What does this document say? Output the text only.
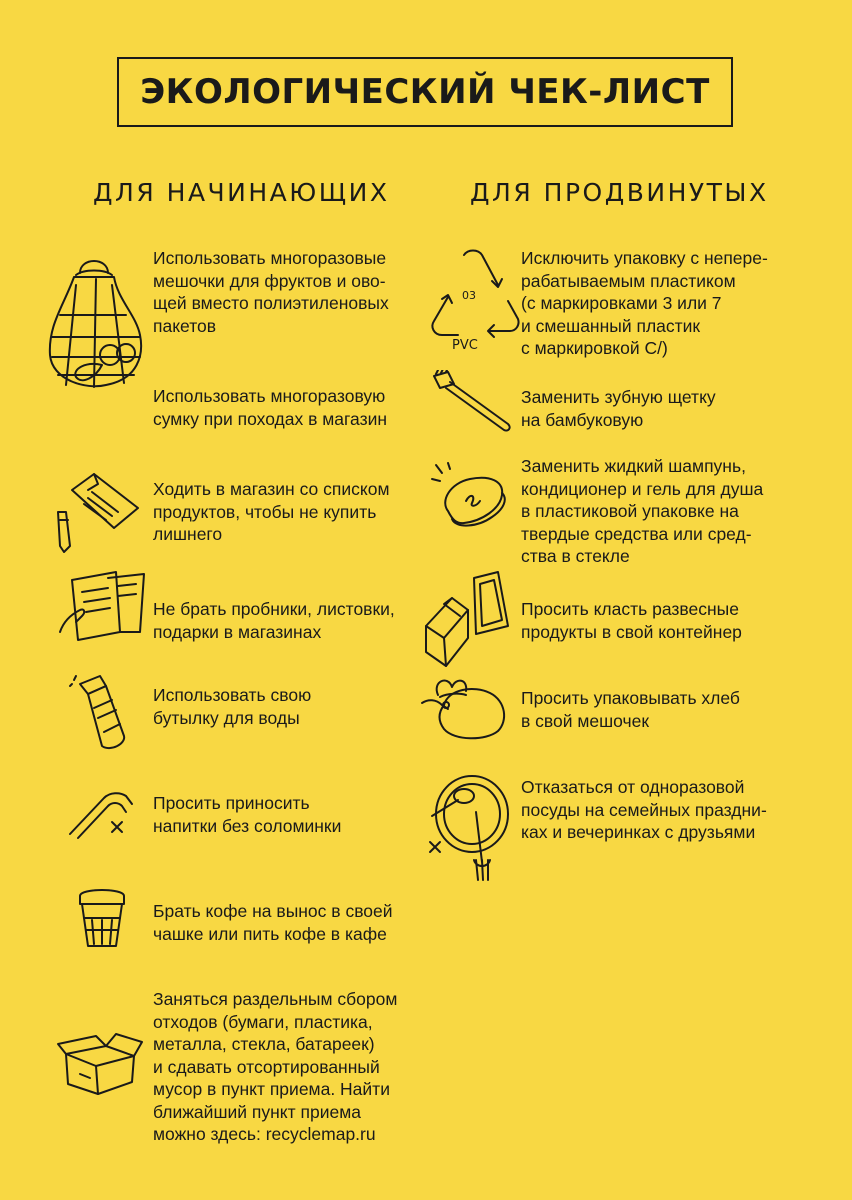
ЭКОЛОГИЧЕСКИЙ ЧЕК-ЛИСТ
ДЛЯ НАЧИНАЮЩИХ	ДЛЯ ПРОДВИНУТЫХ
Использовать многоразовые
мешочки для фруктов и ово-
щей вместо полиэтиленовых
пакетов
Использовать многоразовую
сумку при походах в магазин
Ходить в магазин со списком
продуктов, чтобы не купить
лишнего
Не брать пробники, листовки,
подарки в магазинах
Использовать свою
бутылку для воды
Просить приносить
напитки без соломинки
Брать кофе на вынос в своей
чашке или пить кофе в кафе
Заняться раздельным сбором
отходов (бумаги, пластика,
металла, стекла, батареек)
и сдавать отсортированный
мусор в пункт приема. Найти
ближайший пункт приема
можно здесь: recyclemap.ru
03
PVC
Исключить упаковку с непере-
рабатываемым пластиком
(с маркировками 3 или 7
и смешанный пластик
с маркировкой С/)
Заменить зубную щетку
на бамбуковую
Заменить жидкий шампунь,
кондиционер и гель для душа
в пластиковой упаковке на
твердые средства или сред-
ства в стекле
Просить класть развесные
продукты в свой контейнер
Просить упаковывать хлеб
в свой мешочек
Отказаться от одноразовой
посуды на семейных праздни-
ках и вечеринках с друзьями
